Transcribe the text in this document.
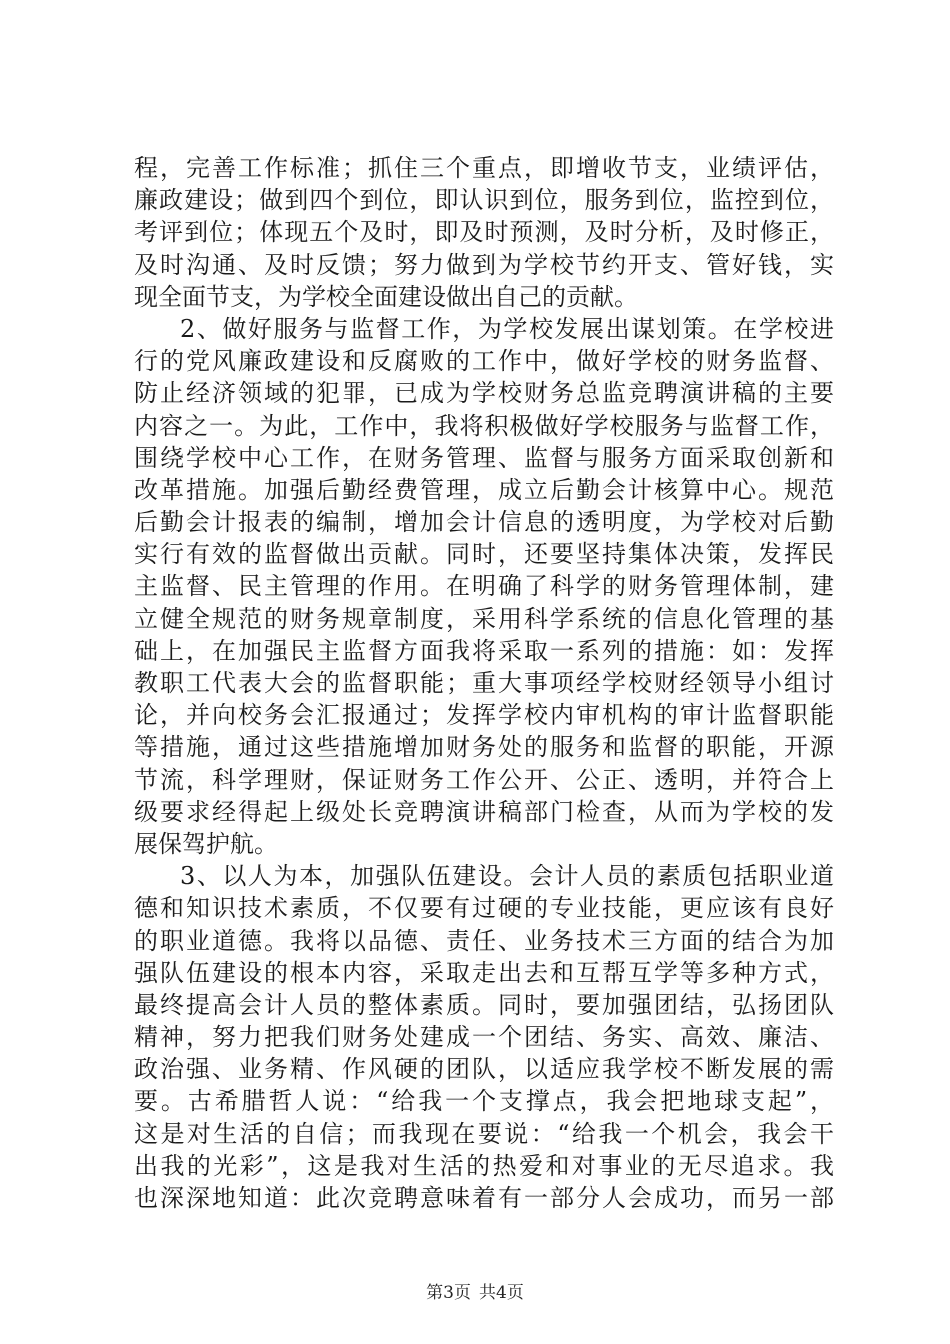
程，完善工作标准；抓住三个重点，即增收节支，业绩评估，
廉政建设；做到四个到位，即认识到位，服务到位，监控到位，
考评到位；体现五个及时，即及时预测，及时分析，及时修正，
及时沟通、及时反馈；努力做到为学校节约开支、管好钱，实
现全面节支，为学校全面建设做出自己的贡献。
2、做好服务与监督工作，为学校发展出谋划策。在学校进
行的党风廉政建设和反腐败的工作中，做好学校的财务监督、
防止经济领域的犯罪，已成为学校财务总监竞聘演讲稿的主要
内容之一。为此，工作中，我将积极做好学校服务与监督工作，
围绕学校中心工作，在财务管理、监督与服务方面采取创新和
改革措施。加强后勤经费管理，成立后勤会计核算中心。规范
后勤会计报表的编制，增加会计信息的透明度，为学校对后勤
实行有效的监督做出贡献。同时，还要坚持集体决策，发挥民
主监督、民主管理的作用。在明确了科学的财务管理体制，建
立健全规范的财务规章制度，采用科学系统的信息化管理的基
础上，在加强民主监督方面我将采取一系列的措施：如：发挥
教职工代表大会的监督职能；重大事项经学校财经领导小组讨
论，并向校务会汇报通过；发挥学校内审机构的审计监督职能
等措施，通过这些措施增加财务处的服务和监督的职能，开源
节流，科学理财，保证财务工作公开、公正、透明，并符合上
级要求经得起上级处长竞聘演讲稿部门检查，从而为学校的发
展保驾护航。
3、以人为本，加强队伍建设。会计人员的素质包括职业道
德和知识技术素质，不仅要有过硬的专业技能，更应该有良好
的职业道德。我将以品德、责任、业务技术三方面的结合为加
强队伍建设的根本内容，采取走出去和互帮互学等多种方式，
最终提高会计人员的整体素质。同时，要加强团结，弘扬团队
精神，努力把我们财务处建成一个团结、务实、高效、廉洁、
政治强、业务精、作风硬的团队，以适应我学校不断发展的需
要。古希腊哲人说：“给我一个支撑点，我会把地球支起”，
这是对生活的自信；而我现在要说：“给我一个机会，我会干
出我的光彩”，这是我对生活的热爱和对事业的无尽追求。我
也深深地知道：此次竞聘意味着有一部分人会成功，而另一部
第3页 共4页
